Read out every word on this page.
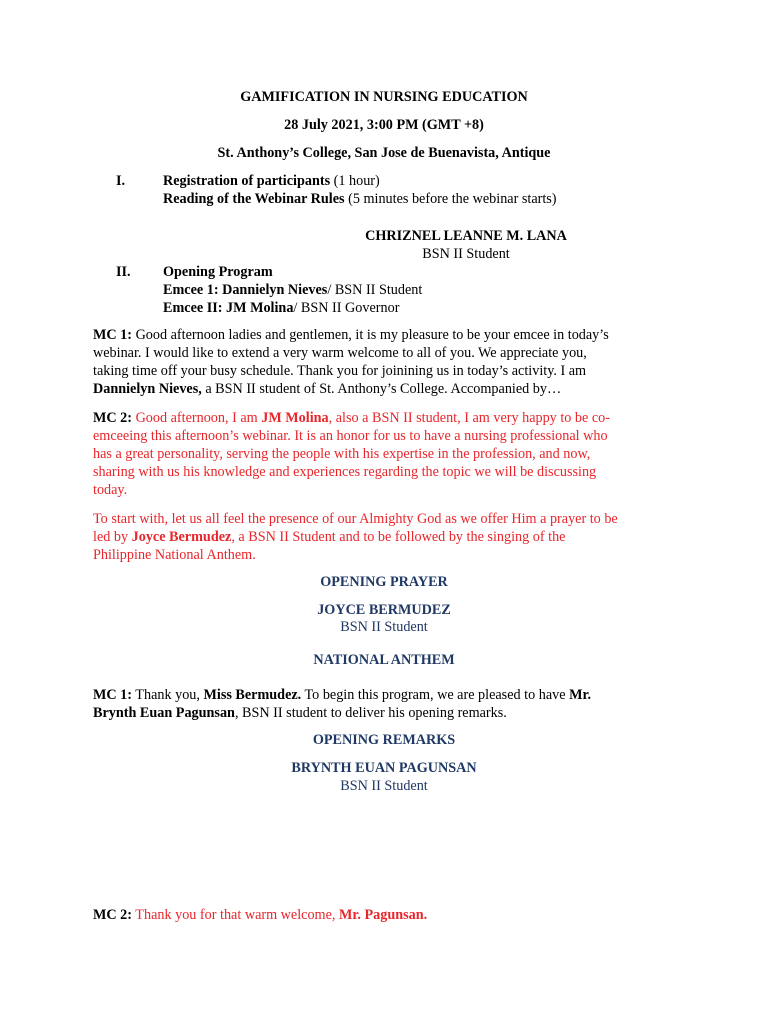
GAMIFICATION IN NURSING EDUCATION
28 July 2021, 3:00 PM (GMT +8)
St. Anthony’s College, San Jose de Buenavista, Antique
I.	Registration of participants (1 hour)
Reading of the Webinar Rules (5 minutes before the webinar starts)
CHRIZNEL LEANNE M. LANA
BSN II Student
II. Opening Program
Emcee 1: Dannielyn Nieves/ BSN II Student
Emcee II: JM Molina/ BSN II Governor

MC 1: Good afternoon ladies and gentlemen, it is my pleasure to be your emcee in today’s

webinar. I would like to extend a very warm welcome to all of you. We appreciate you,

taking time off your busy schedule. Thank you for joinining us in today’s activity. I am

Dannielyn Nieves, a BSN II student of St. Anthony’s College. Accompanied by…

MC 2: Good afternoon, I am JM Molina, also a BSN II student, I am very happy to be co-

emceeing this afternoon’s webinar. It is an honor for us to have a nursing professional who

has a great personality, serving the people with his expertise in the profession, and now,

sharing with us his knowledge and experiences regarding the topic we will be discussing

today.

To start with, let us all feel the presence of our Almighty God as we offer Him a prayer to be

led by Joyce Bermudez, a BSN II Student and to be followed by the singing of the

Philippine National Anthem.

OPENING PRAYER
JOYCE BERMUDEZ
BSN II Student
NATIONAL ANTHEM

MC 1: Thank you, Miss Bermudez. To begin this program, we are pleased to have Mr.

Brynth Euan Pagunsan, BSN II student to deliver his opening remarks.

OPENING REMARKS
BRYNTH EUAN PAGUNSAN
BSN II Student

MC 2: Thank you for that warm welcome, Mr. Pagunsan.
